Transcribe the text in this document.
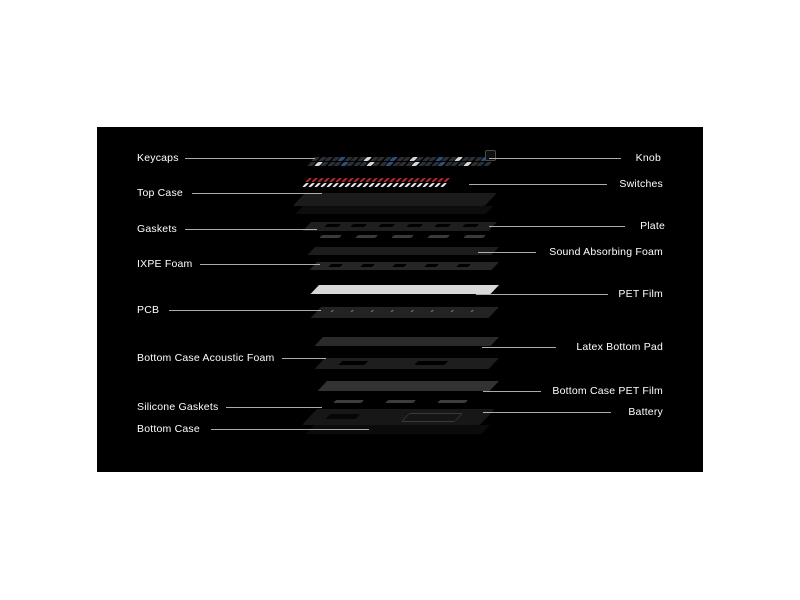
Keycaps
Top Case
Gaskets
IXPE Foam
PCB
Bottom Case Acoustic Foam
Silicone Gaskets
Bottom Case
Knob
Switches
Plate
Sound Absorbing Foam
PET Film
Latex Bottom Pad
Bottom Case PET Film
Battery
